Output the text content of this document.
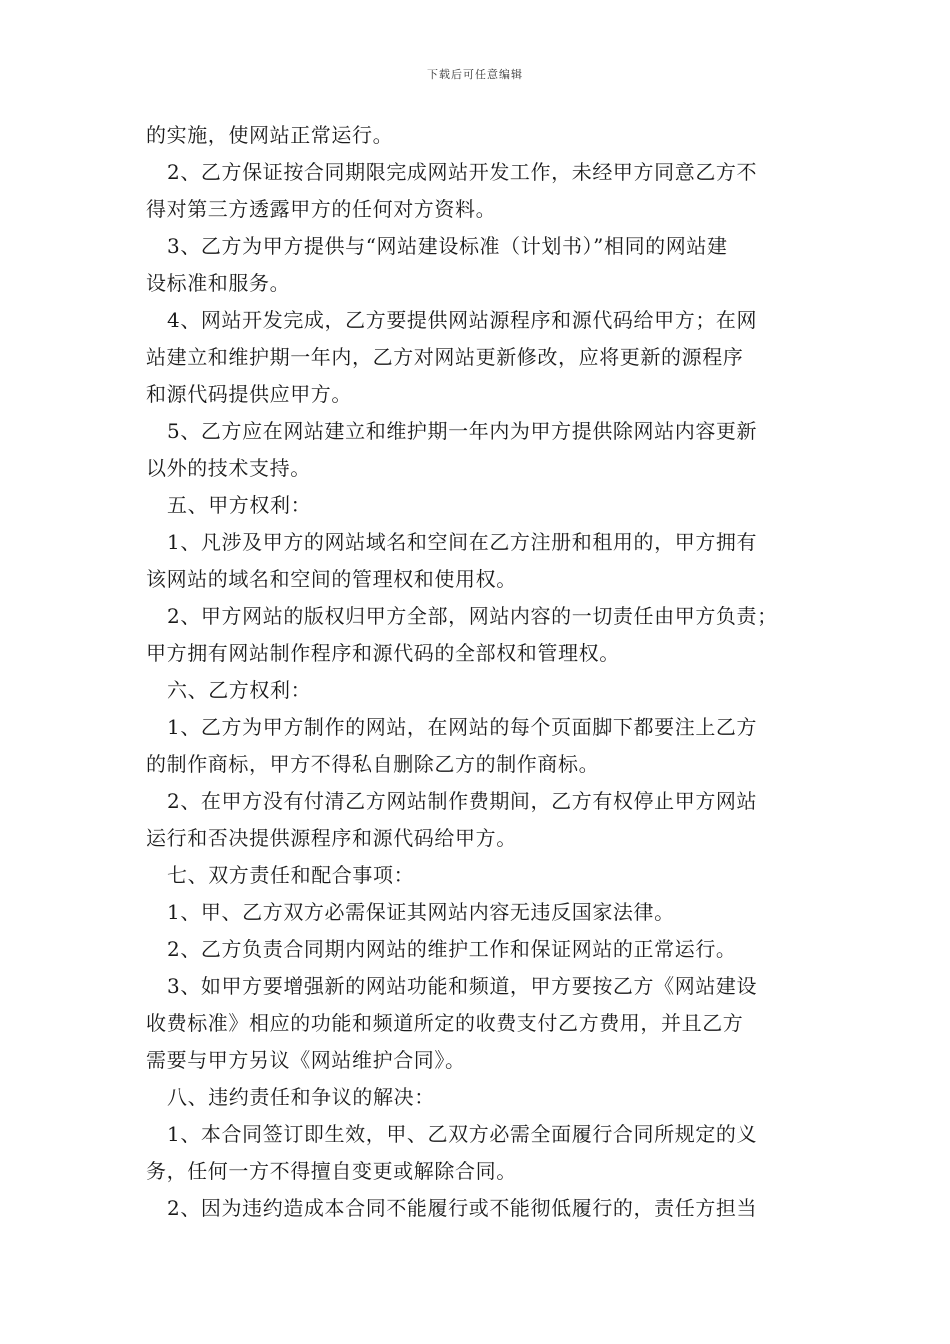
下载后可任意编辑
的实施，使网站正常运行。
2、乙方保证按合同期限完成网站开发工作，未经甲方同意乙方不
得对第三方透露甲方的任何对方资料。
3、乙方为甲方提供与“网站建设标准（计划书）”相同的网站建
设标准和服务。
4、网站开发完成，乙方要提供网站源程序和源代码给甲方；在网
站建立和维护期一年内，乙方对网站更新修改，应将更新的源程序
和源代码提供应甲方。
5、乙方应在网站建立和维护期一年内为甲方提供除网站内容更新
以外的技术支持。
五、甲方权利：
1、凡涉及甲方的网站域名和空间在乙方注册和租用的，甲方拥有
该网站的域名和空间的管理权和使用权。
2、甲方网站的版权归甲方全部，网站内容的一切责任由甲方负责；
甲方拥有网站制作程序和源代码的全部权和管理权。
六、乙方权利：
1、乙方为甲方制作的网站，在网站的每个页面脚下都要注上乙方
的制作商标，甲方不得私自删除乙方的制作商标。
2、在甲方没有付清乙方网站制作费期间，乙方有权停止甲方网站
运行和否决提供源程序和源代码给甲方。
七、双方责任和配合事项：
1、甲、乙方双方必需保证其网站内容无违反国家法律。
2、乙方负责合同期内网站的维护工作和保证网站的正常运行。
3、如甲方要增强新的网站功能和频道，甲方要按乙方《网站建设
收费标准》相应的功能和频道所定的收费支付乙方费用，并且乙方
需要与甲方另议《网站维护合同》。
八、违约责任和争议的解决：
1、本合同签订即生效，甲、乙双方必需全面履行合同所规定的义
务，任何一方不得擅自变更或解除合同。
2、因为违约造成本合同不能履行或不能彻低履行的，责任方担当
